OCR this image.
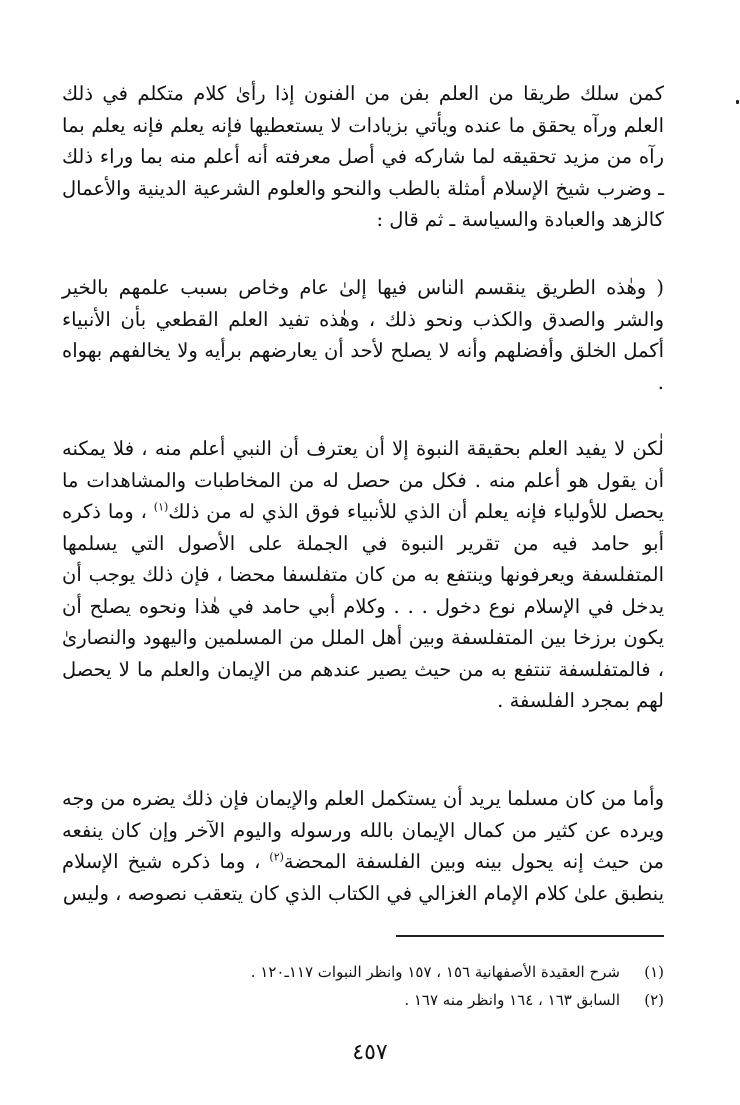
كمن سلك طريقا من العلم بفن من الفنون إذا رأىٰ كلام متكلم في ذلك العلم ورآه يحقق ما عنده ويأتي بزيادات لا يستعطيها فإنه يعلم فإنه يعلم بما رآه من مزيد تحقيقه لما شاركه في أصل معرفته أنه أعلم منه بما وراء ذلك ـ وضرب شيخ الإسلام أمثلة بالطب والنحو والعلوم الشرعية الدينية والأعمال كالزهد والعبادة والسياسة ـ ثم قال :

( وهٰذه الطريق ينقسم الناس فيها إلىٰ عام وخاص بسبب علمهم بالخير والشر والصدق والكذب ونحو ذلك ، وهٰذه تفيد العلم القطعي بأن الأنبياء أكمل الخلق وأفضلهم وأنه لا يصلح لأحد أن يعارضهم برأيه ولا يخالفهم بهواه .

لٰكن لا يفيد العلم بحقيقة النبوة إلا أن يعترف أن النبي أعلم منه ، فلا يمكنه أن يقول هو أعلم منه . فكل من حصل له من المخاطبات والمشاهدات ما يحصل للأولياء فإنه يعلم أن الذي للأنبياء فوق الذي له من ذلك$^{(١)}$ ، وما ذكره أبو حامد فيه من تقرير النبوة في الجملة على الأصول التي يسلمها المتفلسفة ويعرفونها وينتفع به من كان متفلسفا محضا ، فإن ذلك يوجب أن يدخل في الإسلام نوع دخول . . . وكلام أبي حامد في هٰذا ونحوه يصلح أن يكون برزخا بين المتفلسفة وبين أهل الملل من المسلمين واليهود والنصارىٰ ، فالمتفلسفة تنتفع به من حيث يصير عندهم من الإيمان والعلم ما لا يحصل لهم بمجرد الفلسفة .

وأما من كان مسلما يريد أن يستكمل العلم والإيمان فإن ذلك يضره من وجه ويرده عن كثير من كمال الإيمان بالله ورسوله واليوم الآخر وإن كان ينفعه من حيث إنه يحول بينه وبين الفلسفة المحضة$^{(٢)}$ ، وما ذكره شيخ الإسلام ينطبق علىٰ كلام الإمام الغزالي في الكتاب الذي كان يتعقب نصوصه ، وليس

(١)
شرح العقيدة الأصفهانية ١٥٦ ، ١٥٧ وانظر النبوات ١١٧ـ١٢٠ .
(٢)
السابق ١٦٣ ، ١٦٤ وانظر منه ١٦٧ .
٤٥٧
